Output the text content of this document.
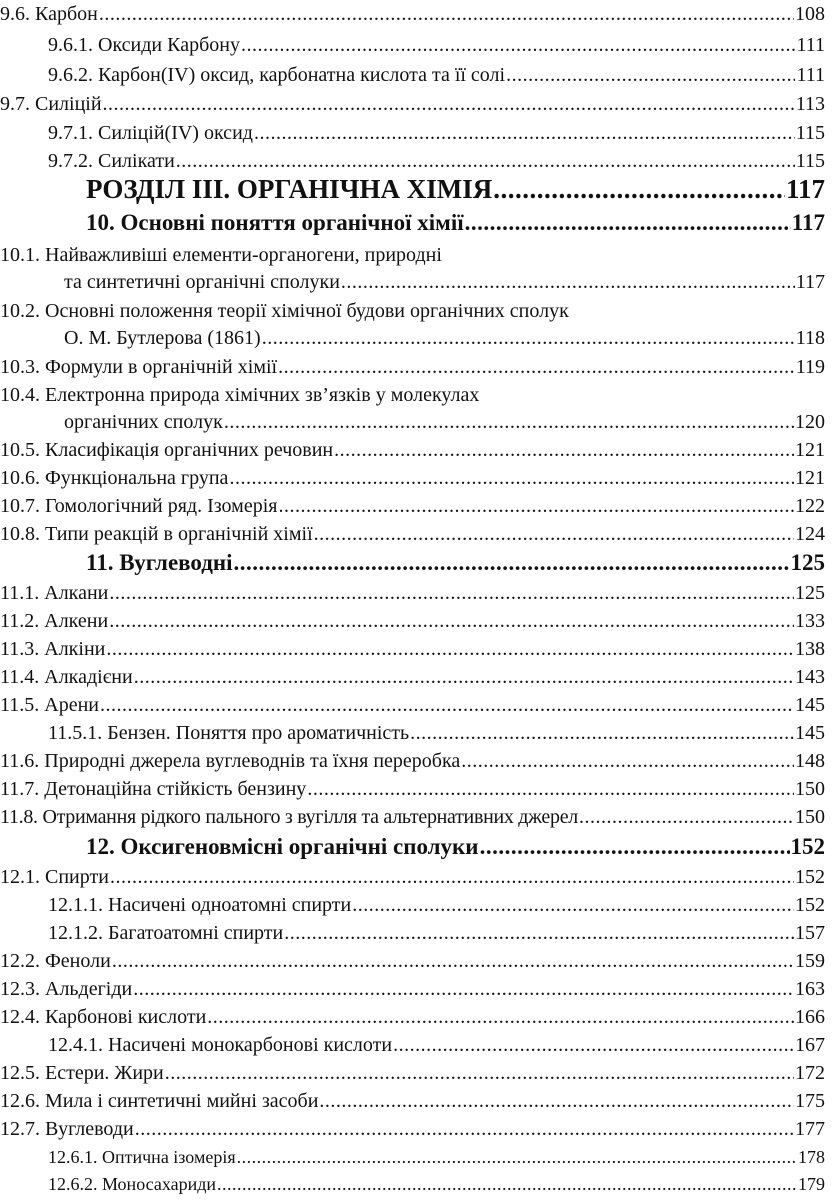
9.6. Карбон .....	108
9.6.1. Оксиди Карбону .....	111
9.6.2. Карбон(IV) оксид, карбонатна кислота та її солі .....	111
9.7. Силіцій .....	113
9.7.1. Силіцій(IV) оксид .....	115
9.7.2. Силікати .....	115
РОЗДІЛ III. ОРГАНІЧНА ХІМІЯ .....	117
10. Основні поняття органічної хімії .....	117
10.1. Найважливіші елементи-органогени, природні
та синтетичні органічні сполуки .....	117
10.2. Основні положення теорії хімічної будови органічних сполук
О. М. Бутлерова (1861) .....	118
10.3. Формули в органічній хімії .....	119
10.4. Електронна природа хімічних зв’язків у молекулах
органічних сполук .....	120
10.5. Класифікація органічних речовин .....	121
10.6. Функціональна група .....	121
10.7. Гомологічний ряд. Ізомерія .....	122
10.8. Типи реакцій в органічній хімії .....	124
11. Вуглеводні .....	125
11.1. Алкани .....	125
11.2. Алкени .....	133
11.3. Алкіни .....	138
11.4. Алкадієни .....	143
11.5. Арени .....	145
11.5.1. Бензен. Поняття про ароматичність .....	145
11.6. Природні джерела вуглеводнів та їхня переробка .....	148
11.7. Детонаційна стійкість бензину .....	150
11.8. Отримання рідкого пального з вугілля та альтернативних джерел .....	150
12. Оксигеновмісні органічні сполуки .....	152
12.1. Спирти .....	152
12.1.1. Насичені одноатомні спирти .....	152
12.1.2. Багатоатомні спирти .....	157
12.2. Феноли .....	159
12.3. Альдегіди .....	163
12.4. Карбонові кислоти .....	166
12.4.1. Насичені монокарбонові кислоти .....	167
12.5. Естери. Жири .....	172
12.6. Мила і синтетичні мийні засоби .....	175
12.7. Вуглеводи .....	177
12.6.1. Оптична ізомерія .....	178
12.6.2. Моносахариди .....	179
